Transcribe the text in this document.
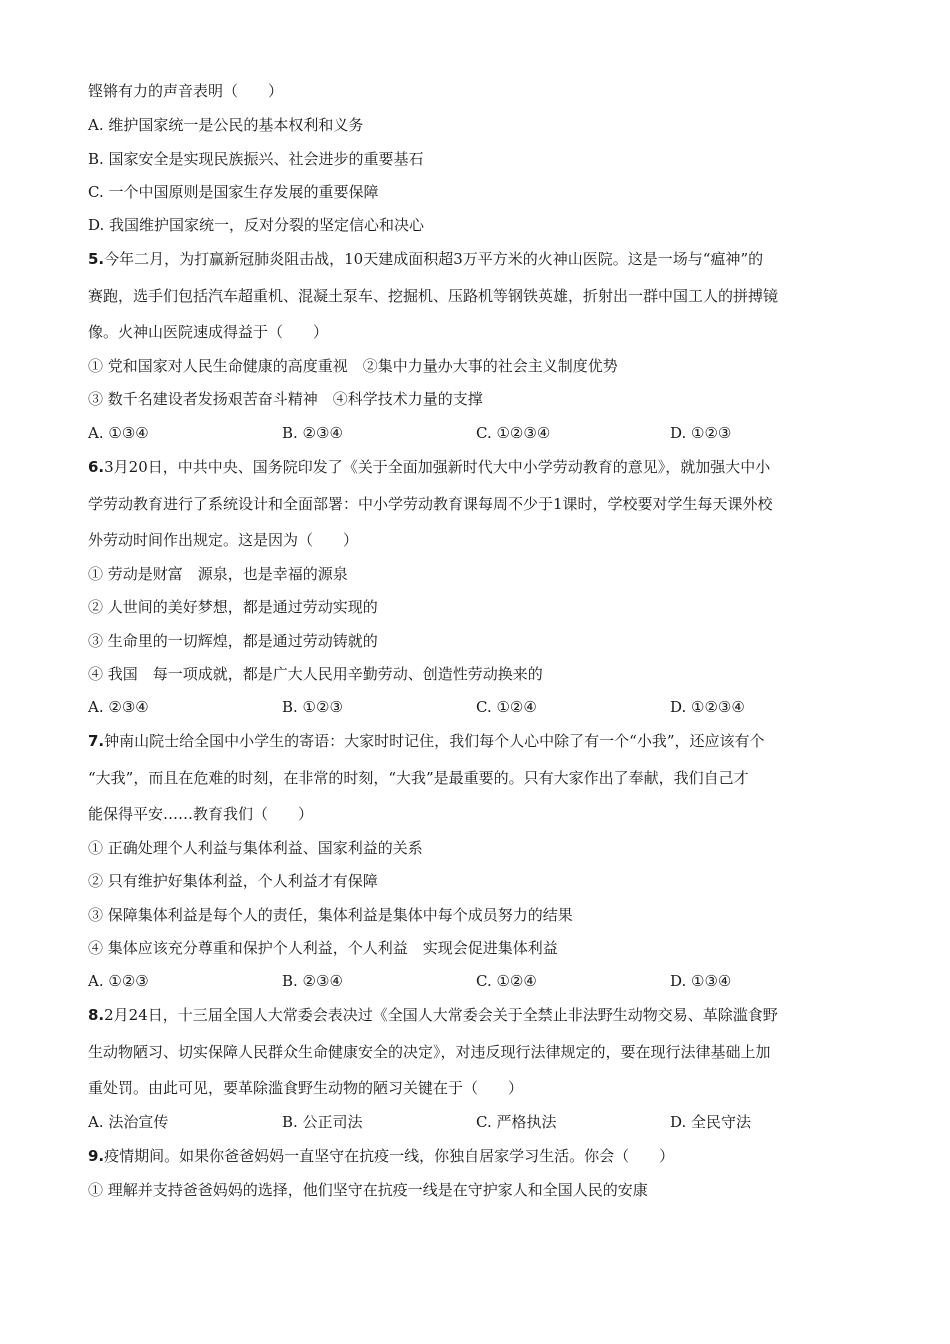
铿锵有力的声音表明（　　）
A. 维护国家统一是公民的基本权利和义务
B. 国家安全是实现民族振兴、社会进步的重要基石
C. 一个中国原则是国家生存发展的重要保障
D. 我国维护国家统一，反对分裂的坚定信心和决心
5.今年二月，为打赢新冠肺炎阻击战，10天建成面积超3万平方米的火神山医院。这是一场与“瘟神”的
赛跑，选手们包括汽车超重机、混凝土泵车、挖掘机、压路机等钢铁英雄，折射出一群中国工人的拼搏镜
像。火神山医院速成得益于（　　）
① 党和国家对人民生命健康的高度重视　②集中力量办大事的社会主义制度优势
③ 数千名建设者发扬艰苦奋斗精神　④科学技术力量的支撑
A. ①③④	B. ②③④	C. ①②③④	D. ①②③
6.3月20日，中共中央、国务院印发了《关于全面加强新时代大中小学劳动教育的意见》，就加强大中小
学劳动教育进行了系统设计和全面部署：中小学劳动教育课每周不少于1课时，学校要对学生每天课外校
外劳动时间作出规定。这是因为（　　）
① 劳动是财富　源泉，也是幸福的源泉
② 人世间的美好梦想，都是通过劳动实现的
③ 生命里的一切辉煌，都是通过劳动铸就的
④ 我国　每一项成就，都是广大人民用辛勤劳动、创造性劳动换来的
A. ②③④	B. ①②③	C. ①②④	D. ①②③④
7.钟南山院士给全国中小学生的寄语：大家时时记住，我们每个人心中除了有一个“小我”，还应该有个
“大我”，而且在危难的时刻，在非常的时刻，“大我”是最重要的。只有大家作出了奉献，我们自己才
能保得平安……教育我们（　　）
① 正确处理个人利益与集体利益、国家利益的关系
② 只有维护好集体利益，个人利益才有保障
③ 保障集体利益是每个人的责任，集体利益是集体中每个成员努力的结果
④ 集体应该充分尊重和保护个人利益，个人利益　实现会促进集体利益
A. ①②③	B. ②③④	C. ①②④	D. ①③④
8.2月24日，十三届全国人大常委会表决过《全国人大常委会关于全禁止非法野生动物交易、革除滥食野
生动物陋习、切实保障人民群众生命健康安全的决定》，对违反现行法律规定的，要在现行法律基础上加
重处罚。由此可见，要革除滥食野生动物的陋习关键在于（　　）
A. 法治宣传	B. 公正司法	C. 严格执法	D. 全民守法
9.疫情期间。如果你爸爸妈妈一直坚守在抗疫一线，你独自居家学习生活。你会（　　）
① 理解并支持爸爸妈妈的选择，他们坚守在抗疫一线是在守护家人和全国人民的安康
